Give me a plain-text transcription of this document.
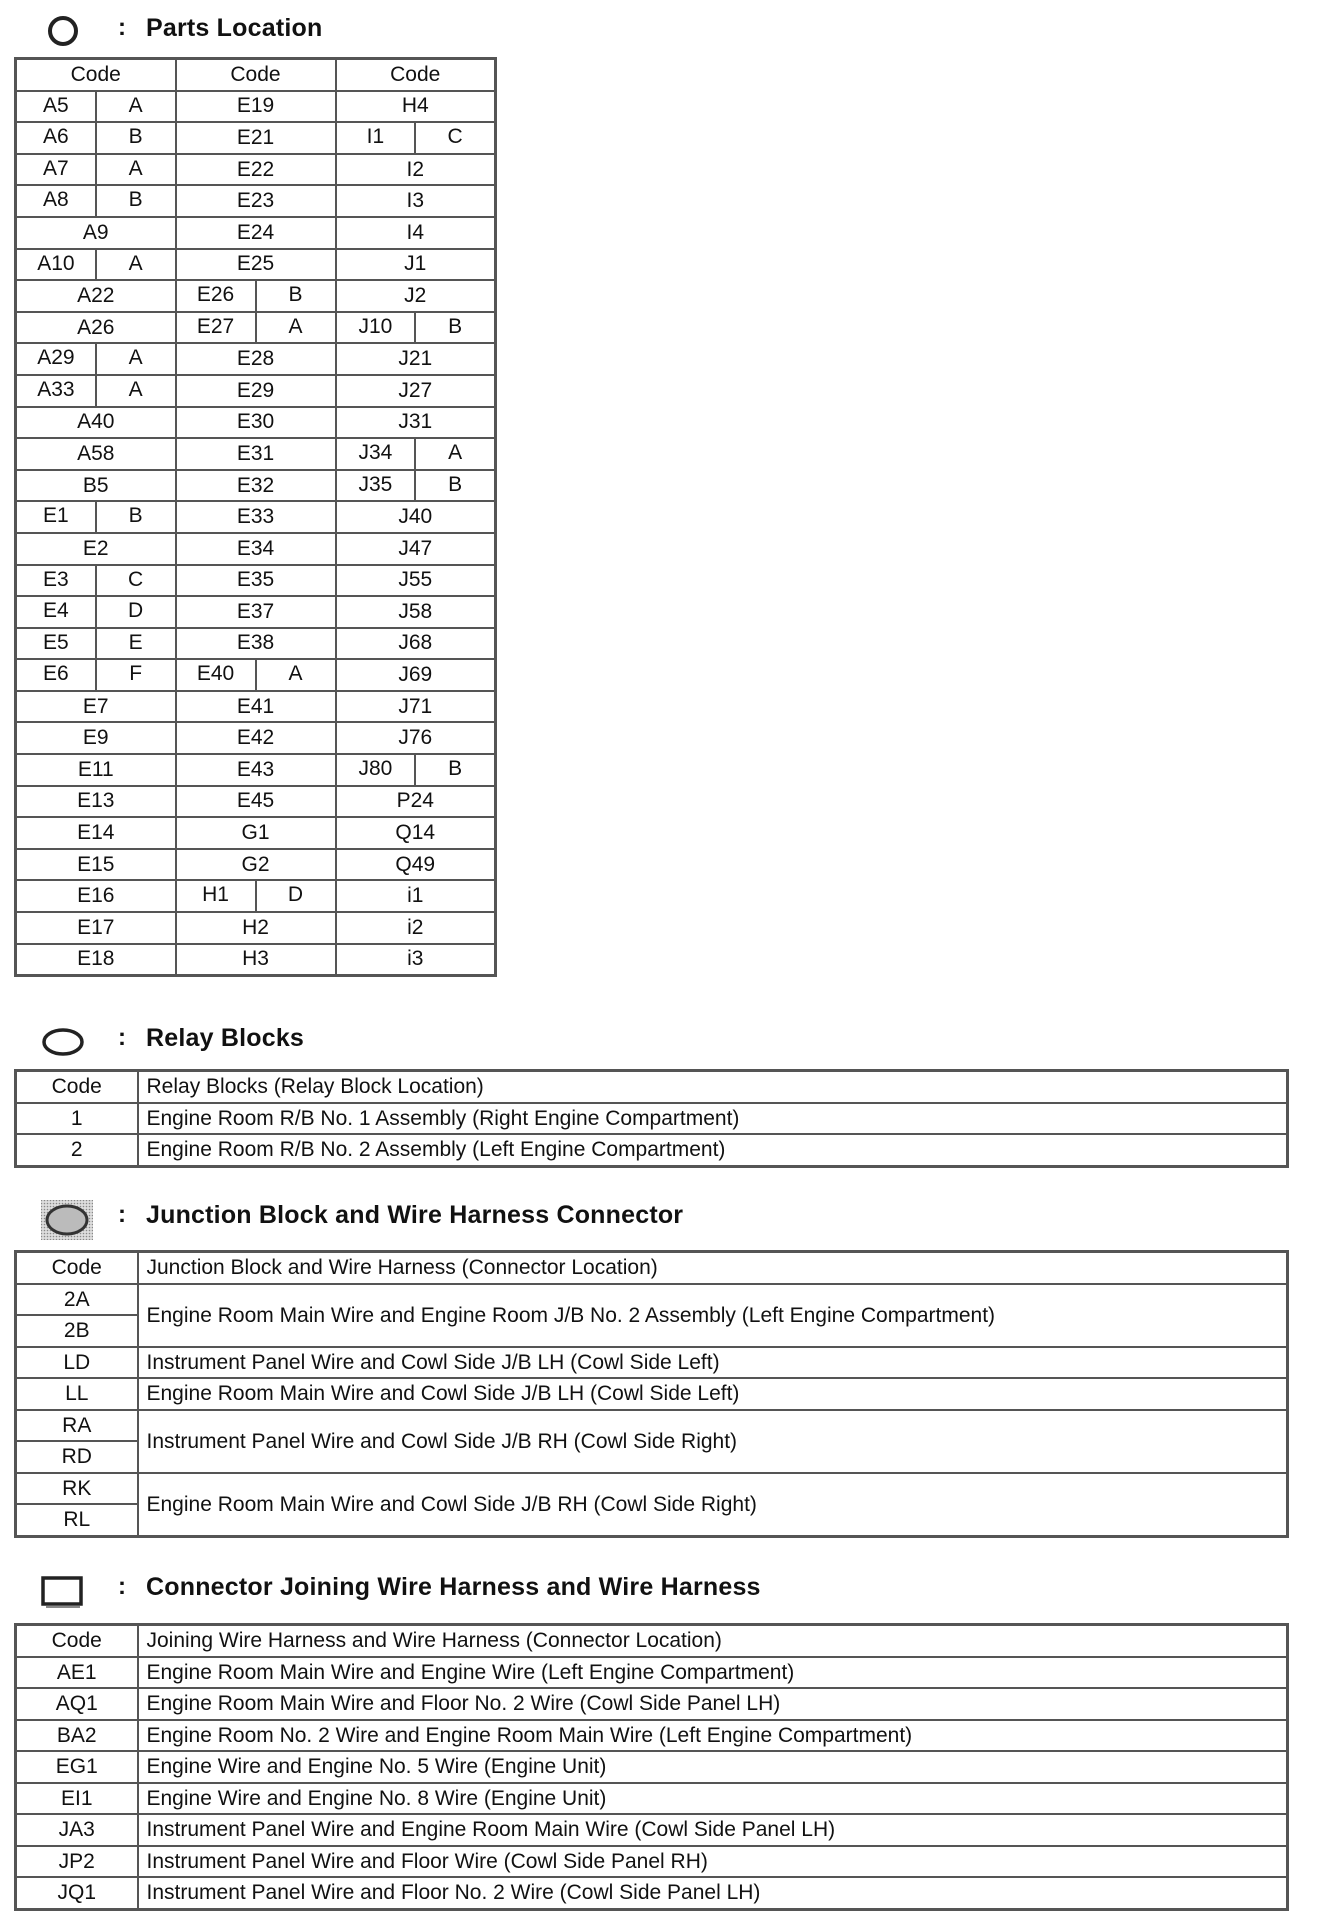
: Parts Location
Code	Code	Code

A5 A	E19	H4

A6 B	E21	I1 C

A7 A	E22	I2

A8 B	E23	I3
A9	E24	I4

A10 A	E25	J1
A22	E26 B	J2
A26	E27 A	J10 B

A29 A	E28	J21

A33 A	E29	J27
A40	E30	J31
A58	E31	J34 A

B5	E32	J35 B

E1 B	E33	J40
E2	E34	J47

E3 C	E35	J55

E4 D	E37	J58

E5 E	E38	J68

E6 F	E40 A	J69
E7	E41	J71
E9	E42	J76
E11	E43	J80 B

E13	E45	P24
E14	G1	Q14
E15	G2	Q49
E16	H1 D	i1
E17	H2	i2
E18	H3	i3
: Relay Blocks
Code	Relay Blocks (Relay Block Location)
1	Engine Room R/B No. 1 Assembly (Right Engine Compartment)
2	Engine Room R/B No. 2 Assembly (Left Engine Compartment)
: Junction Block and Wire Harness Connector
Code	Junction Block and Wire Harness (Connector Location)
2A	Engine Room Main Wire and Engine Room J/B No. 2 Assembly (Left Engine Compartment)
2B	
LD	Instrument Panel Wire and Cowl Side J/B LH (Cowl Side Left)
LL	Engine Room Main Wire and Cowl Side J/B LH (Cowl Side Left)
RA	Instrument Panel Wire and Cowl Side J/B RH (Cowl Side Right)
RD	
RK	Engine Room Main Wire and Cowl Side J/B RH (Cowl Side Right)
RL	
: Connector Joining Wire Harness and Wire Harness
Code	Joining Wire Harness and Wire Harness (Connector Location)
AE1	Engine Room Main Wire and Engine Wire (Left Engine Compartment)
AQ1	Engine Room Main Wire and Floor No. 2 Wire (Cowl Side Panel LH)
BA2	Engine Room No. 2 Wire and Engine Room Main Wire (Left Engine Compartment)
EG1	Engine Wire and Engine No. 5 Wire (Engine Unit)
EI1	Engine Wire and Engine No. 8 Wire (Engine Unit)
JA3	Instrument Panel Wire and Engine Room Main Wire (Cowl Side Panel LH)
JP2	Instrument Panel Wire and Floor Wire (Cowl Side Panel RH)
JQ1	Instrument Panel Wire and Floor No. 2 Wire (Cowl Side Panel LH)
